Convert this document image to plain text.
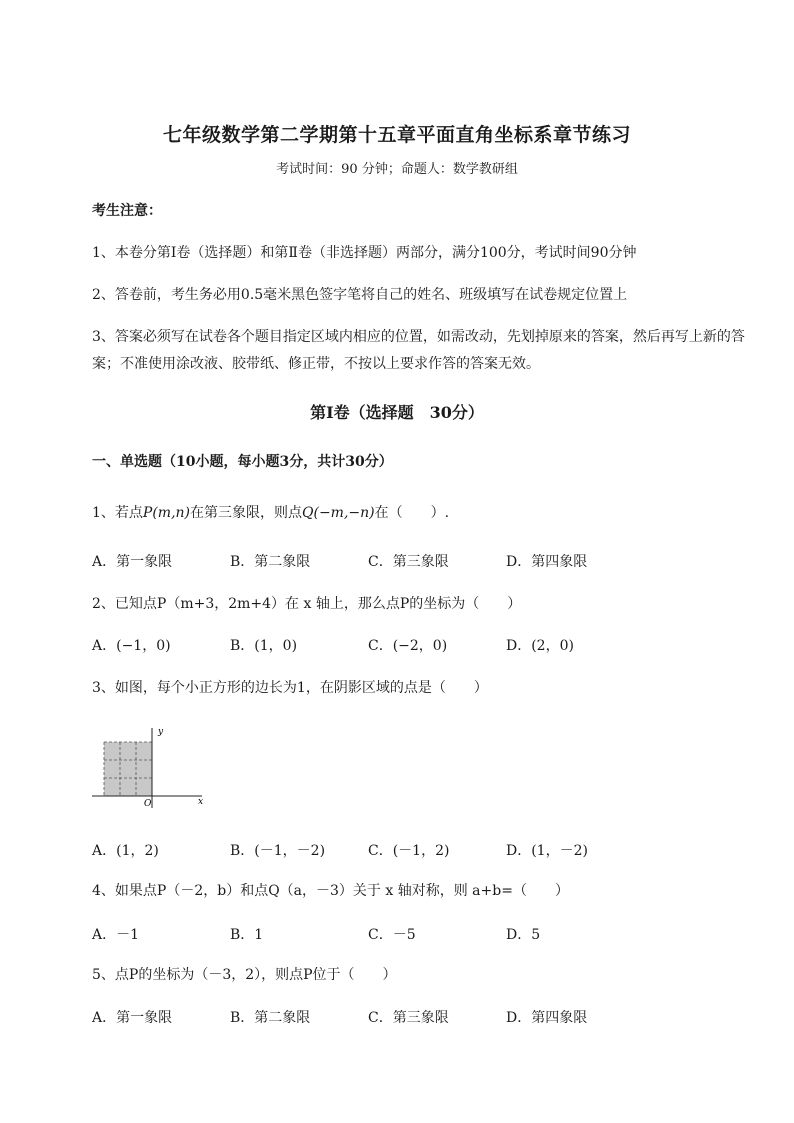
七年级数学第二学期第十五章平面直角坐标系章节练习
考试时间：90 分钟；命题人：数学教研组
考生注意：
1、本卷分第Ⅰ卷（选择题）和第Ⅱ卷（非选择题）两部分，满分100分，考试时间90分钟
2、答卷前，考生务必用0.5毫米黑色签字笔将自己的姓名、班级填写在试卷规定位置上
3、答案必须写在试卷各个题目指定区域内相应的位置，如需改动，先划掉原来的答案，然后再写上新的答案；不准使用涂改液、胶带纸、修正带，不按以上要求作答的答案无效。
第Ⅰ卷（选择题　30分）
一、单选题（10小题，每小题3分，共计30分）
1、若点P(m,n)在第三象限，则点Q(−m,−n)在（　　）.
A．第一象限	B．第二象限	C．第三象限	D．第四象限
2、已知点P（m+3，2m+4）在 x 轴上，那么点P的坐标为（　　）
A．(−1，0)	B．(1，0)	C．(−2，0)	D．(2，0)
3、如图，每个小正方形的边长为1，在阴影区域的点是（　　）
y
x
O
A．(1，2)	B．(－1，－2)	C．(－1，2)	D．(1，－2)
4、如果点P（－2，b）和点Q（a，－3）关于 x 轴对称，则 a+b=（　　）
A．－1	B．1	C．－5	D．5
5、点P的坐标为（－3，2），则点P位于（　　）
A．第一象限	B．第二象限	C．第三象限	D．第四象限
